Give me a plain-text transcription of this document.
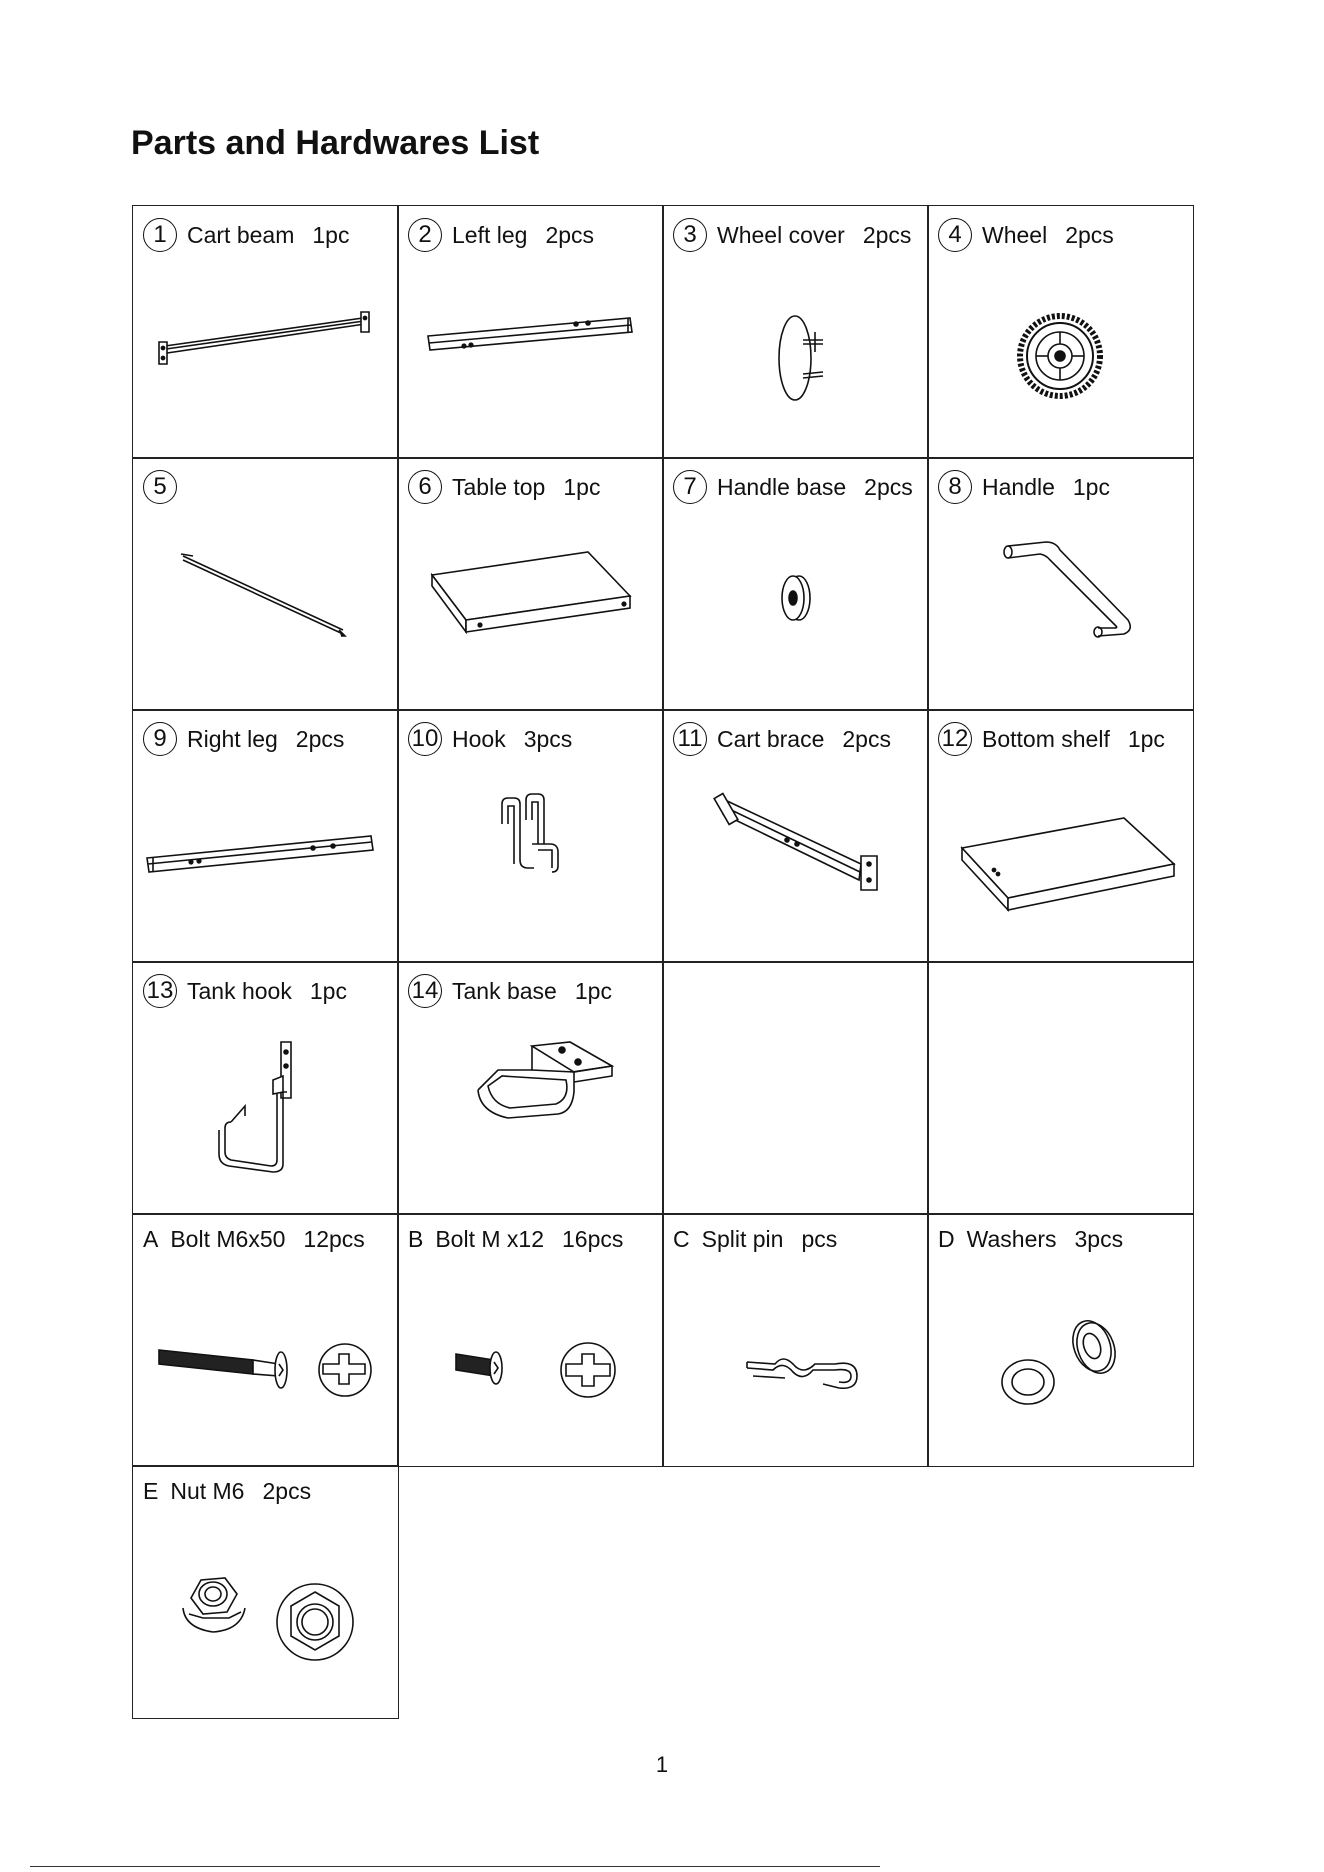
Parts and Hardwares List
1 Cart beam 1pc	2 Left leg 2pcs	3 Wheel cover 2pcs	4 Wheel 2pcs
5	6 Table top 1pc	7 Handle base 2pcs	8 Handle 1pc
9 Right leg 2pcs	10 Hook 3pcs	11 Cart brace 2pcs 12 Bottom shelf 1pc
13 Tank hook 1pc	14 Tank base 1pc
A Bolt M6x50 12pcs B Bolt M x12 16pcs C Split pin pcs	D Washers 3pcs
E Nut M6 2pcs
1
